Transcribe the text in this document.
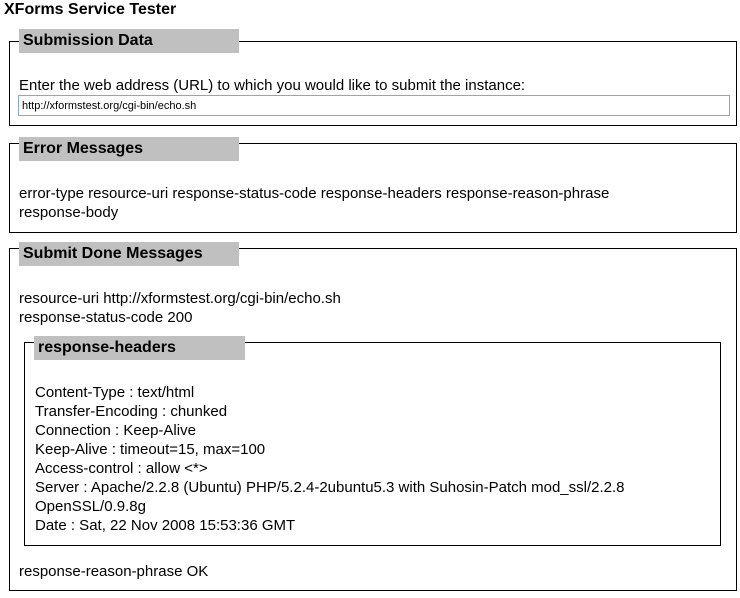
XForms Service Tester
Submission Data
Enter the web address (URL) to which you would like to submit the instance:
http://xformstest.org/cgi-bin/echo.sh
Error Messages
error-type resource-uri response-status-code response-headers response-reason-phrase
response-body
Submit Done Messages
resource-uri http://xformstest.org/cgi-bin/echo.sh
response-status-code 200
response-headers
Content-Type : text/html
Transfer-Encoding : chunked
Connection : Keep-Alive
Keep-Alive : timeout=15, max=100
Access-control : allow <*>
Server : Apache/2.2.8 (Ubuntu) PHP/5.2.4-2ubuntu5.3 with Suhosin-Patch mod_ssl/2.2.8
OpenSSL/0.9.8g
Date : Sat, 22 Nov 2008 15:53:36 GMT
response-reason-phrase OK
